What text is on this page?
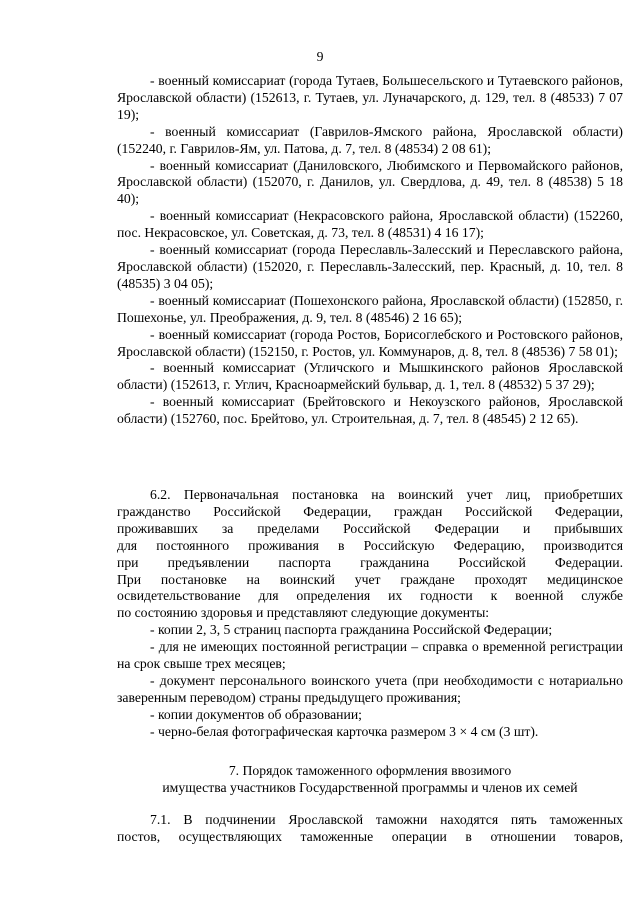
9
- военный комиссариат (города Тутаев, Большесельского и Тутаевского районов, Ярославской области) (152613, г. Тутаев, ул. Луначарского, д. 129, тел. 8 (48533) 7 07 19);
- военный комиссариат (Гаврилов-Ямского района, Ярославской области) (152240, г. Гаврилов-Ям, ул. Патова, д. 7, тел. 8 (48534) 2 08 61);
- военный комиссариат (Даниловского, Любимского и Первомайского районов, Ярославской области) (152070, г. Данилов, ул. Свердлова, д. 49, тел. 8 (48538) 5 18 40);
- военный комиссариат (Некрасовского района, Ярославской области) (152260, пос. Некрасовское, ул. Советская, д. 73, тел. 8 (48531) 4 16 17);
- военный комиссариат (города Переславль-Залесский и Переславского района, Ярославской области) (152020, г. Переславль-Залесский, пер. Красный, д. 10, тел. 8 (48535) 3 04 05);
- военный комиссариат (Пошехонского района, Ярославской области) (152850, г. Пошехонье, ул. Преображения, д. 9, тел. 8 (48546) 2 16 65);
- военный комиссариат (города Ростов, Борисоглебского и Ростовского районов, Ярославской области) (152150, г. Ростов, ул. Коммунаров, д. 8, тел. 8 (48536) 7 58 01);
- военный комиссариат (Угличского и Мышкинского районов Ярославской области) (152613, г. Углич, Красноармейский бульвар, д. 1, тел. 8 (48532) 5 37 29);
- военный комиссариат (Брейтовского и Некоузского районов, Ярославской области) (152760, пос. Брейтово, ул. Строительная, д. 7, тел. 8 (48545) 2 12 65).
6.2. Первоначальная постановка на воинский учет лиц, приобретших
гражданство Российской Федерации, граждан Российской Федерации,
проживавших за пределами Российской Федерации и прибывших
для постоянного проживания в Российскую Федерацию, производится
при предъявлении паспорта гражданина Российской Федерации.
При постановке на воинский учет граждане проходят медицинское
освидетельствование для определения их годности к военной службе
по состоянию здоровья и представляют следующие документы:
- копии 2, 3, 5 страниц паспорта гражданина Российской Федерации;
- для не имеющих постоянной регистрации – справка о временной регистрации на срок свыше трех месяцев;
- документ персонального воинского учета (при необходимости с нотариально заверенным переводом) страны предыдущего проживания;
- копии документов об образовании;
- черно-белая фотографическая карточка размером 3 × 4 см (3 шт).
7. Порядок таможенного оформления ввозимого
имущества участников Государственной программы и членов их семей
7.1. В подчинении Ярославской таможни находятся пять таможенных
постов, осуществляющих таможенные операции в отношении товаров,
